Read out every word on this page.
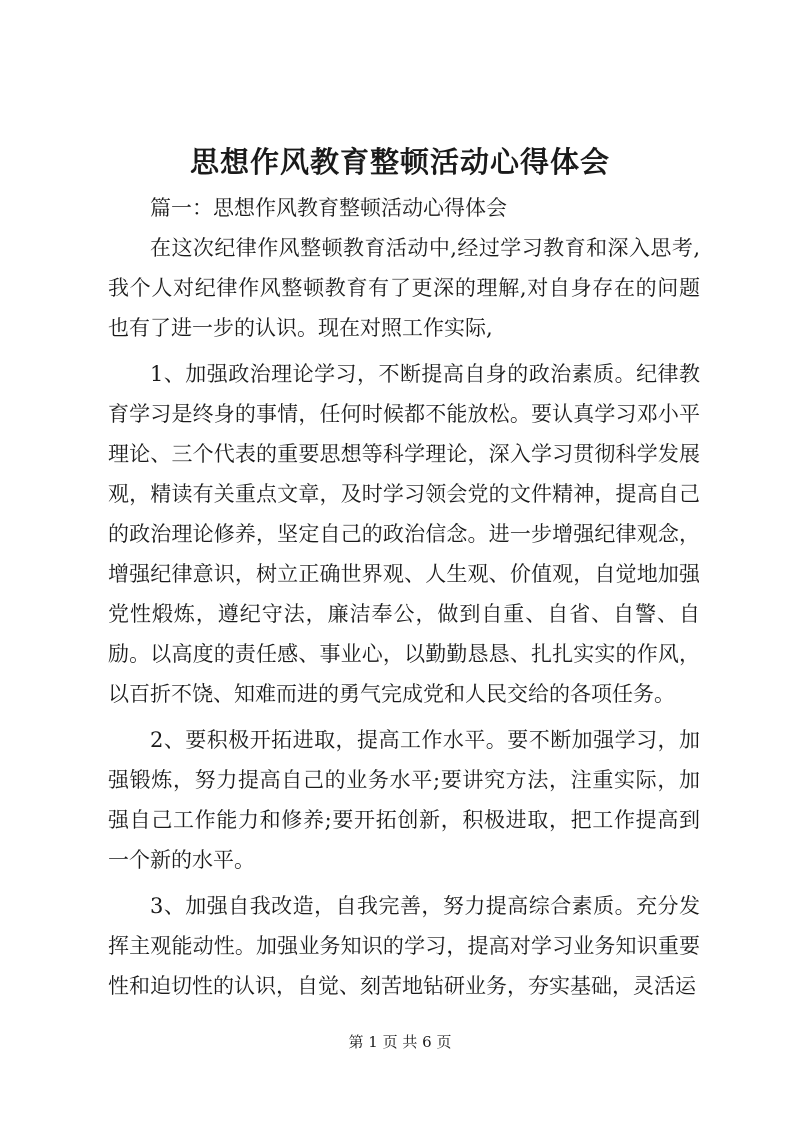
思想作风教育整顿活动心得体会

篇一：思想作风教育整顿活动心得体会

在这次纪律作风整顿教育活动中,经过学习教育和深入思考,我个人对纪律作风整顿教育有了更深的理解,对自身存在的问题也有了进一步的认识。现在对照工作实际,

1、加强政治理论学习，不断提高自身的政治素质。纪律教育学习是终身的事情，任何时候都不能放松。要认真学习邓小平理论、三个代表的重要思想等科学理论，深入学习贯彻科学发展观，精读有关重点文章，及时学习领会党的文件精神，提高自己的政治理论修养，坚定自己的政治信念。进一步增强纪律观念，增强纪律意识，树立正确世界观、人生观、价值观，自觉地加强党性煅炼，遵纪守法，廉洁奉公，做到自重、自省、自警、自励。以高度的责任感、事业心，以勤勤恳恳、扎扎实实的作风，以百折不饶、知难而进的勇气完成党和人民交给的各项任务。

2、要积极开拓进取，提高工作水平。要不断加强学习，加强锻炼，努力提高自己的业务水平;要讲究方法，注重实际，加强自己工作能力和修养;要开拓创新，积极进取，把工作提高到一个新的水平。

3、加强自我改造，自我完善，努力提高综合素质。充分发挥主观能动性。加强业务知识的学习，提高对学习业务知识重要性和迫切性的认识，自觉、刻苦地钻研业务，夯实基础，灵活运

第 1 页 共 6 页
